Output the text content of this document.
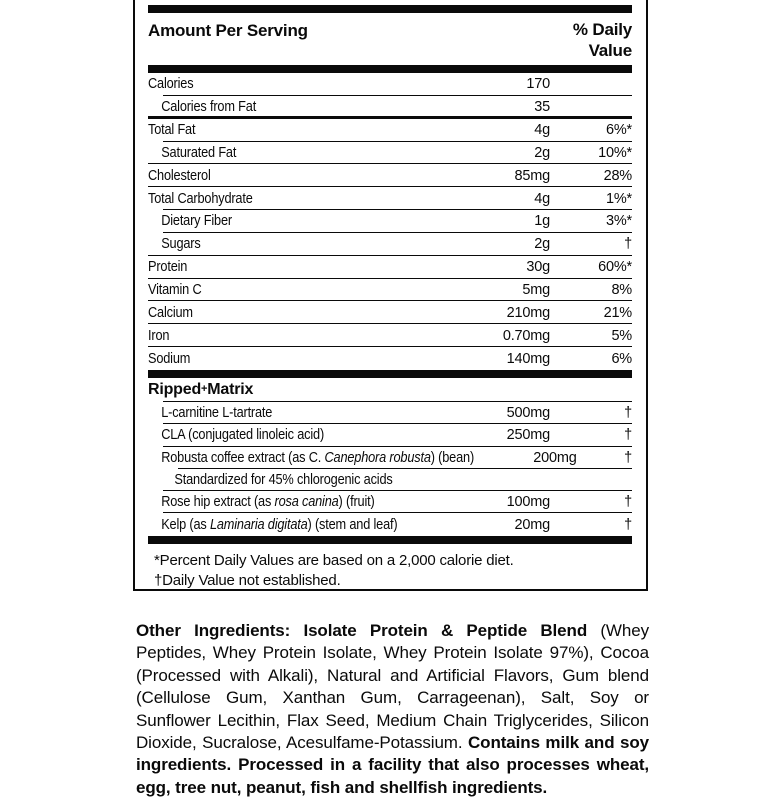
Amount Per Serving	% Daily
Value
Calories	170
Calories from Fat	35
Total Fat	4g	6%*
Saturated Fat	2g	10%*
Cholesterol	85mg	28%
Total Carbohydrate	4g	1%*
Dietary Fiber	1g	3%*
Sugars	2g	†
Protein	30g	60%*
Vitamin C	5mg	8%
Calcium	210mg	21%
Iron	0.70mg	5%
Sodium	140mg	6%
Ripped+ Matrix
L-carnitine L-tartrate	500mg	†
CLA (conjugated linoleic acid)	250mg	†
Robusta coffee extract (as C. Canephora robusta) (bean)	200mg	†
Standardized for 45% chlorogenic acids
Rose hip extract (as rosa canina) (fruit)	100mg	†
Kelp (as Laminaria digitata) (stem and leaf)	20mg	†
*Percent Daily Values are based on a 2,000 calorie diet.
†Daily Value not established.

Other Ingredients: Isolate Protein & Peptide Blend (Whey Peptides, Whey Protein Isolate, Whey Protein Isolate 97%), Cocoa (Processed with Alkali), Natural and Artificial Flavors, Gum blend (Cellulose Gum, Xanthan Gum, Carrageenan), Salt, Soy or Sunflower Lecithin, Flax Seed, Medium Chain Triglycerides, Silicon Dioxide, Sucralose, Acesulfame-Potassium. Contains milk and soy ingredients. Processed in a facility that also processes wheat, egg, tree nut, peanut, fish and shellfish ingredients.
